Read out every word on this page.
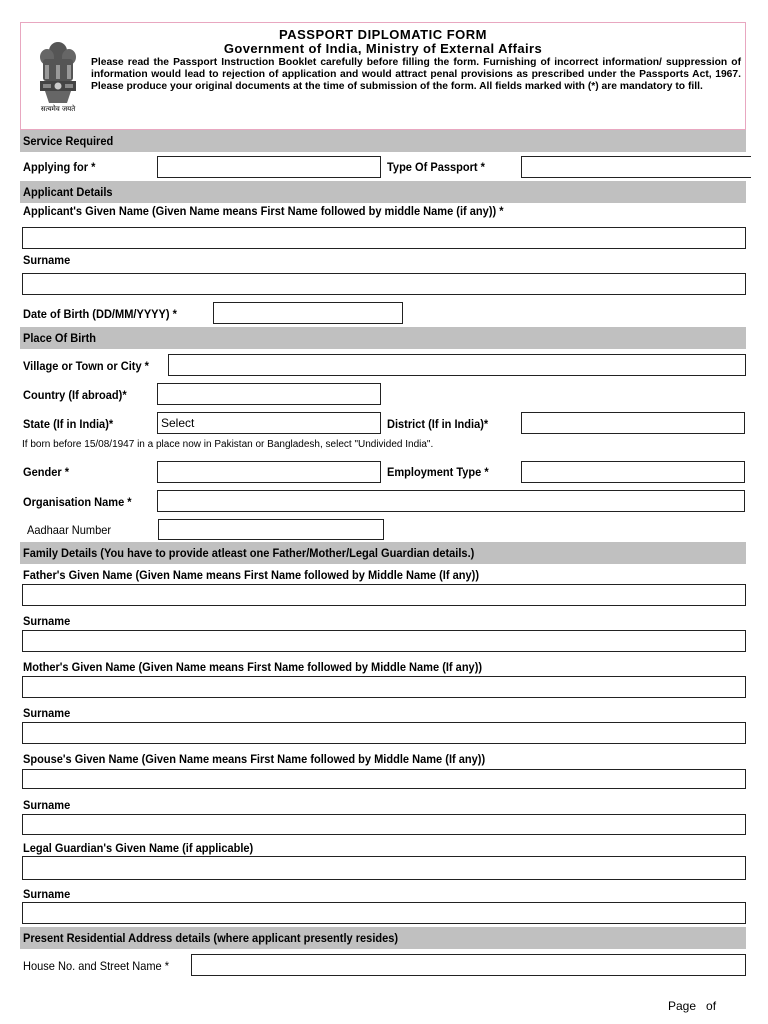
सत्यमेव जयते
PASSPORT DIPLOMATIC FORM
Government of India, Ministry of External Affairs
Please read the Passport Instruction Booklet carefully before filling the form. Furnishing of incorrect information/ suppression of information would lead to rejection of application and would attract penal provisions as prescribed under the Passports Act, 1967. Please produce your original documents at the time of submission of the form. All fields marked with (*) are mandatory to fill.
Service Required
Applying for *	Type Of Passport *
Applicant Details
Applicant's Given Name (Given Name means First Name followed by middle Name (if any)) *
Surname
Date of Birth (DD/MM/YYYY) *
Place Of Birth
Village or Town or City *
Country (If abroad)*
State (If in India)*	Select	District (If in India)*
If born before 15/08/1947 in a place now in Pakistan or Bangladesh, select "Undivided India".
Gender *	Employment Type *
Organisation Name *
Aadhaar Number
Family Details (You have to provide atleast one Father/Mother/Legal Guardian details.)
Father's Given Name (Given Name means First Name followed by Middle Name (If any))
Surname
Mother's Given Name (Given Name means First Name followed by Middle Name (If any))
Surname
Spouse's Given Name (Given Name means First Name followed by Middle Name (If any))
Surname
Legal Guardian's Given Name (if applicable)
Surname
Present Residential Address details (where applicant presently resides)
House No. and Street Name *
Page   of
